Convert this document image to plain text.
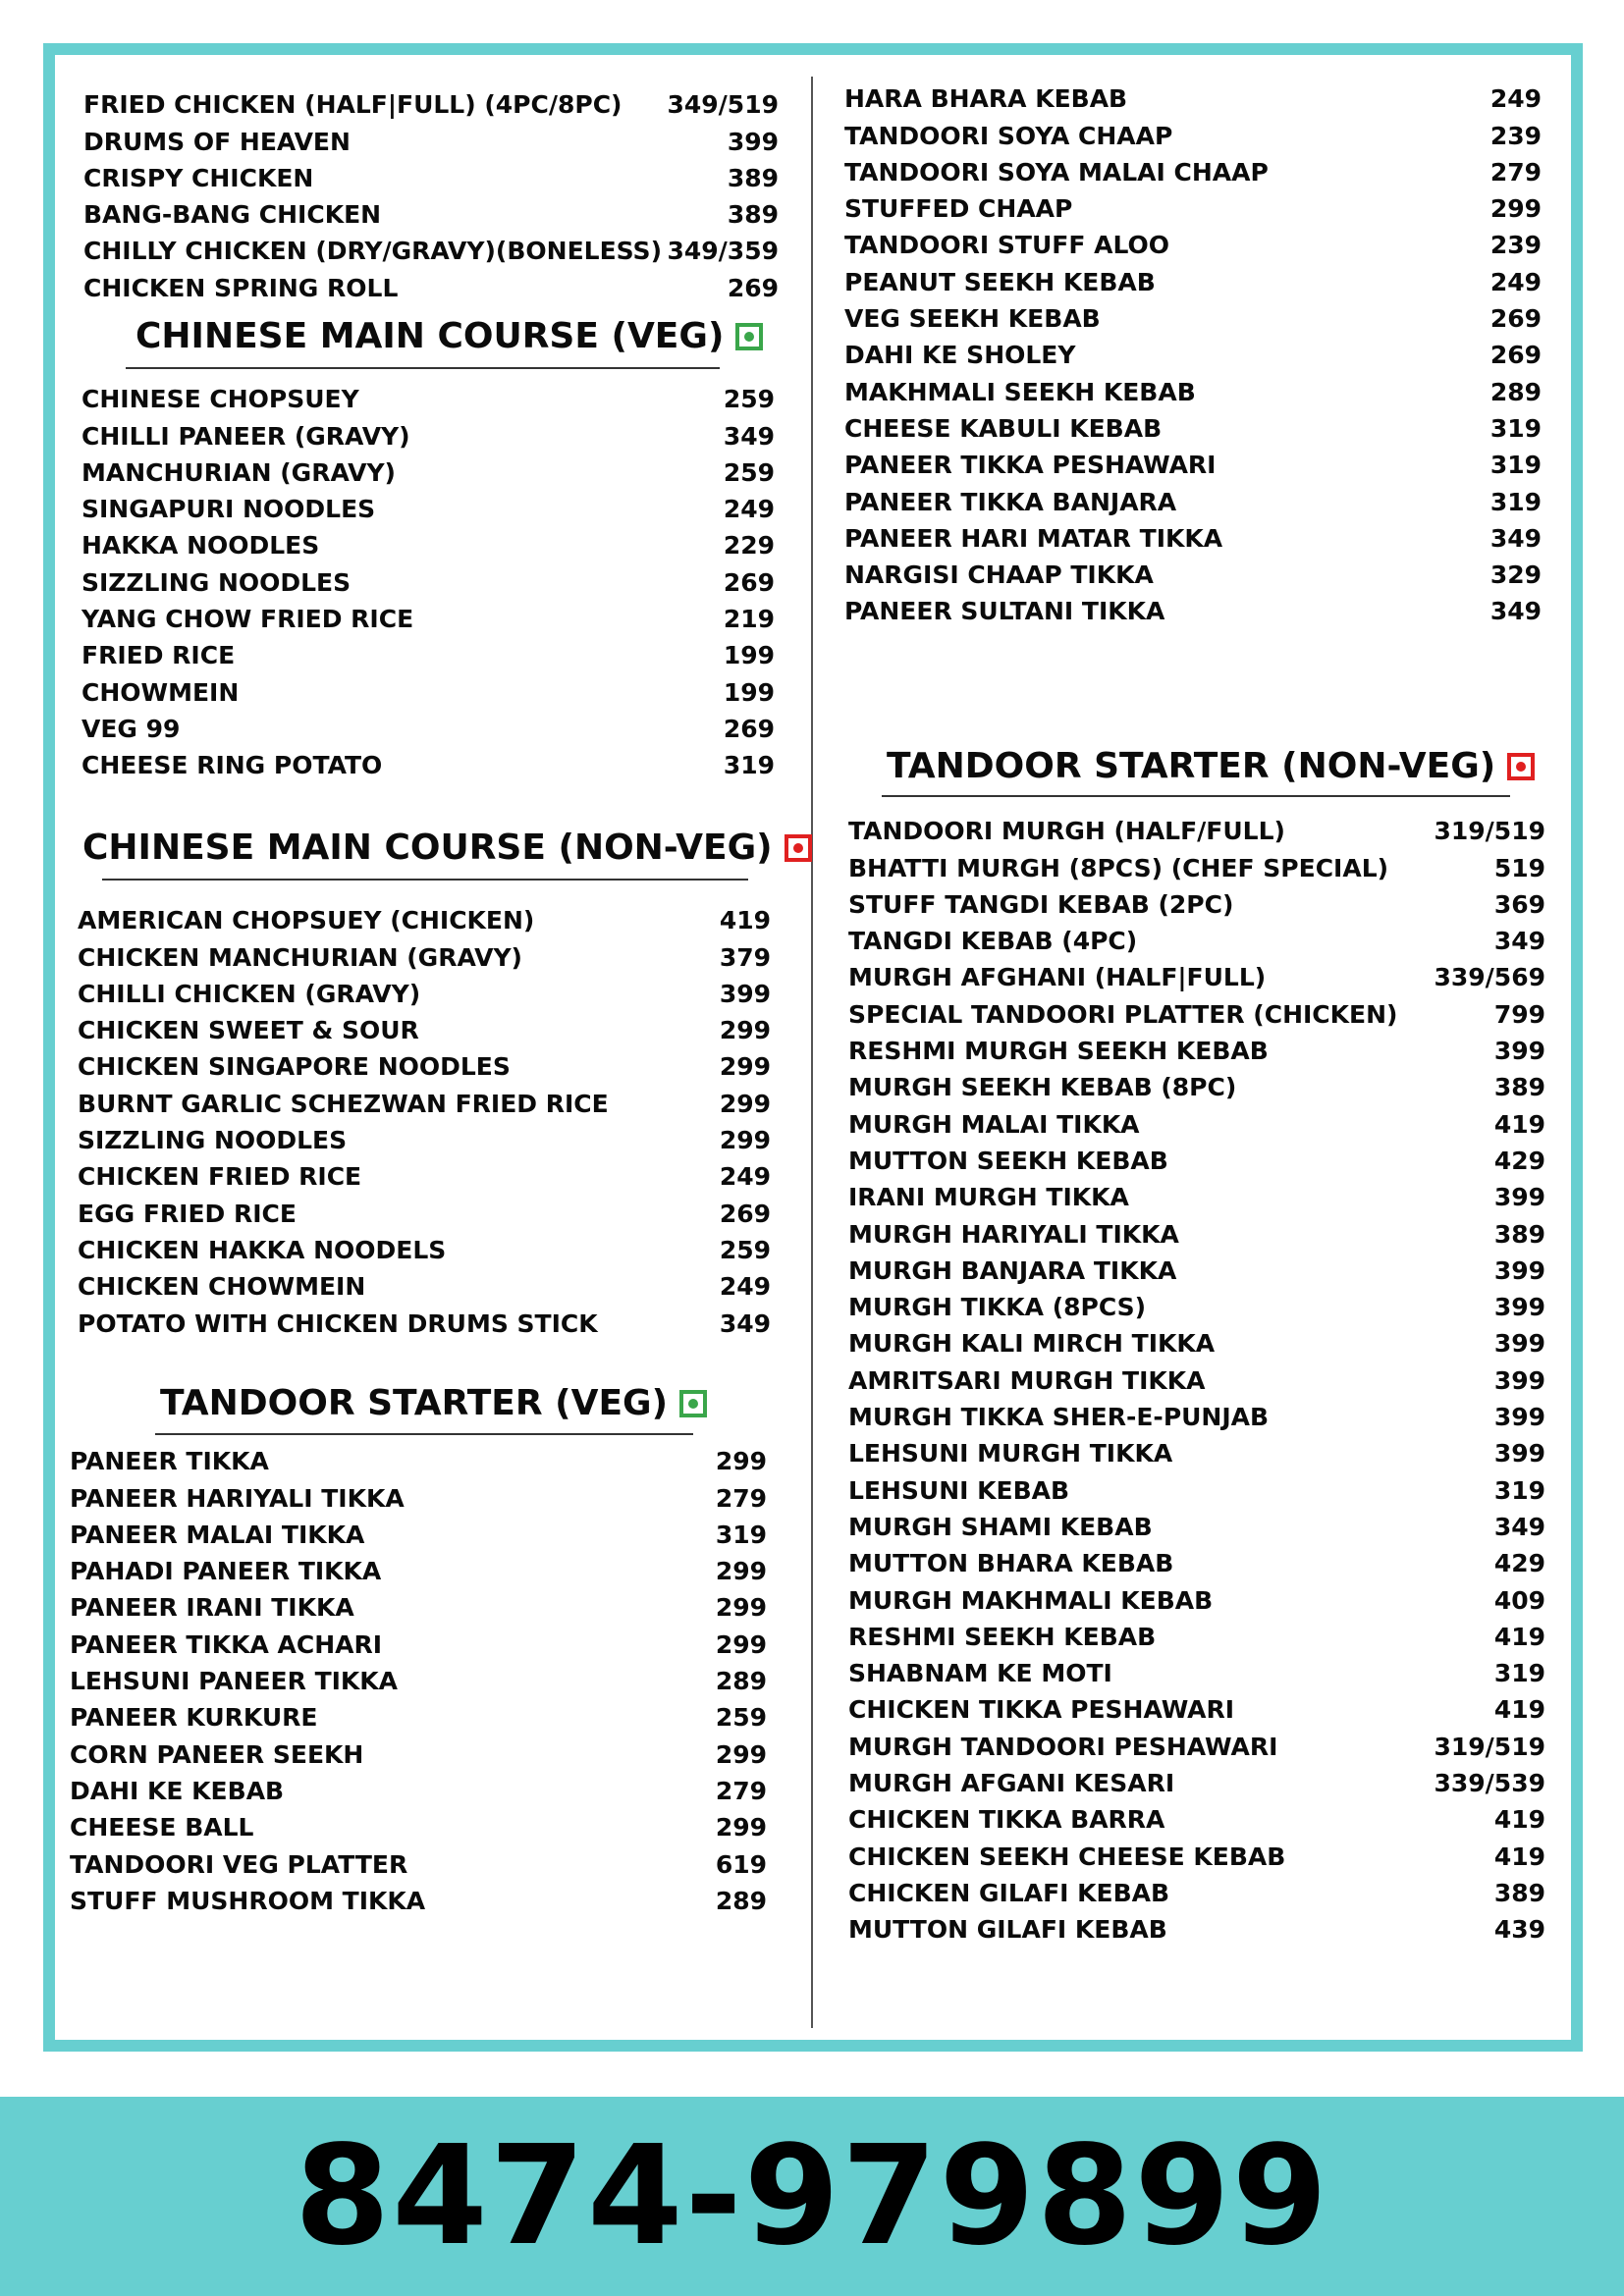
FRIED CHICKEN (HALF|FULL) (4PC/8PC) 349/519
DRUMS OF HEAVEN	399
CRISPY CHICKEN	389
BANG-BANG CHICKEN	389
CHILLY CHICKEN (DRY/GRAVY)(BONELESS) 349/359
CHICKEN SPRING ROLL	269
CHINESE MAIN COURSE (VEG)
CHINESE CHOPSUEY	259
CHILLI PANEER (GRAVY)	349
MANCHURIAN (GRAVY)	259
SINGAPURI NOODLES	249
HAKKA NOODLES	229
SIZZLING NOODLES	269
YANG CHOW FRIED RICE	219
FRIED RICE	199
CHOWMEIN	199
VEG 99	269
CHEESE RING POTATO	319
CHINESE MAIN COURSE (NON-VEG)
AMERICAN CHOPSUEY (CHICKEN)	419
CHICKEN MANCHURIAN (GRAVY)	379
CHILLI CHICKEN (GRAVY)	399
CHICKEN SWEET & SOUR	299
CHICKEN SINGAPORE NOODLES	299
BURNT GARLIC SCHEZWAN FRIED RICE	299
SIZZLING NOODLES	299
CHICKEN FRIED RICE	249
EGG FRIED RICE	269
CHICKEN HAKKA NOODELS	259
CHICKEN CHOWMEIN	249
POTATO WITH CHICKEN DRUMS STICK	349
TANDOOR STARTER (VEG)
PANEER TIKKA	299
PANEER HARIYALI TIKKA	279
PANEER MALAI TIKKA	319
PAHADI PANEER TIKKA	299
PANEER IRANI TIKKA	299
PANEER TIKKA ACHARI	299
LEHSUNI PANEER TIKKA	289
PANEER KURKURE	259
CORN PANEER SEEKH	299
DAHI KE KEBAB	279
CHEESE BALL	299
TANDOORI VEG PLATTER	619
STUFF MUSHROOM TIKKA	289
HARA BHARA KEBAB	249
TANDOORI SOYA CHAAP	239
TANDOORI SOYA MALAI CHAAP	279
STUFFED CHAAP	299
TANDOORI STUFF ALOO	239
PEANUT SEEKH KEBAB	249
VEG SEEKH KEBAB	269
DAHI KE SHOLEY	269
MAKHMALI SEEKH KEBAB	289
CHEESE KABULI KEBAB	319
PANEER TIKKA PESHAWARI	319
PANEER TIKKA BANJARA	319
PANEER HARI MATAR TIKKA	349
NARGISI CHAAP TIKKA	329
PANEER SULTANI TIKKA	349
TANDOOR STARTER (NON-VEG)
TANDOORI MURGH (HALF/FULL)	319/519
BHATTI MURGH (8PCS) (CHEF SPECIAL)	519
STUFF TANGDI KEBAB (2PC)	369
TANGDI KEBAB (4PC)	349
MURGH AFGHANI (HALF|FULL)	339/569
SPECIAL TANDOORI PLATTER (CHICKEN)	799
RESHMI MURGH SEEKH KEBAB	399
MURGH SEEKH KEBAB (8PC)	389
MURGH MALAI TIKKA	419
MUTTON SEEKH KEBAB	429
IRANI MURGH TIKKA	399
MURGH HARIYALI TIKKA	389
MURGH BANJARA TIKKA	399
MURGH TIKKA (8PCS)	399
MURGH KALI MIRCH TIKKA	399
AMRITSARI MURGH TIKKA	399
MURGH TIKKA SHER-E-PUNJAB	399
LEHSUNI MURGH TIKKA	399
LEHSUNI KEBAB	319
MURGH SHAMI KEBAB	349
MUTTON BHARA KEBAB	429
MURGH MAKHMALI KEBAB	409
RESHMI SEEKH KEBAB	419
SHABNAM KE MOTI	319
CHICKEN TIKKA PESHAWARI	419
MURGH TANDOORI PESHAWARI	319/519
MURGH AFGANI KESARI	339/539
CHICKEN TIKKA BARRA	419
CHICKEN SEEKH CHEESE KEBAB	419
CHICKEN GILAFI KEBAB	389
MUTTON GILAFI KEBAB	439
8474-979899
